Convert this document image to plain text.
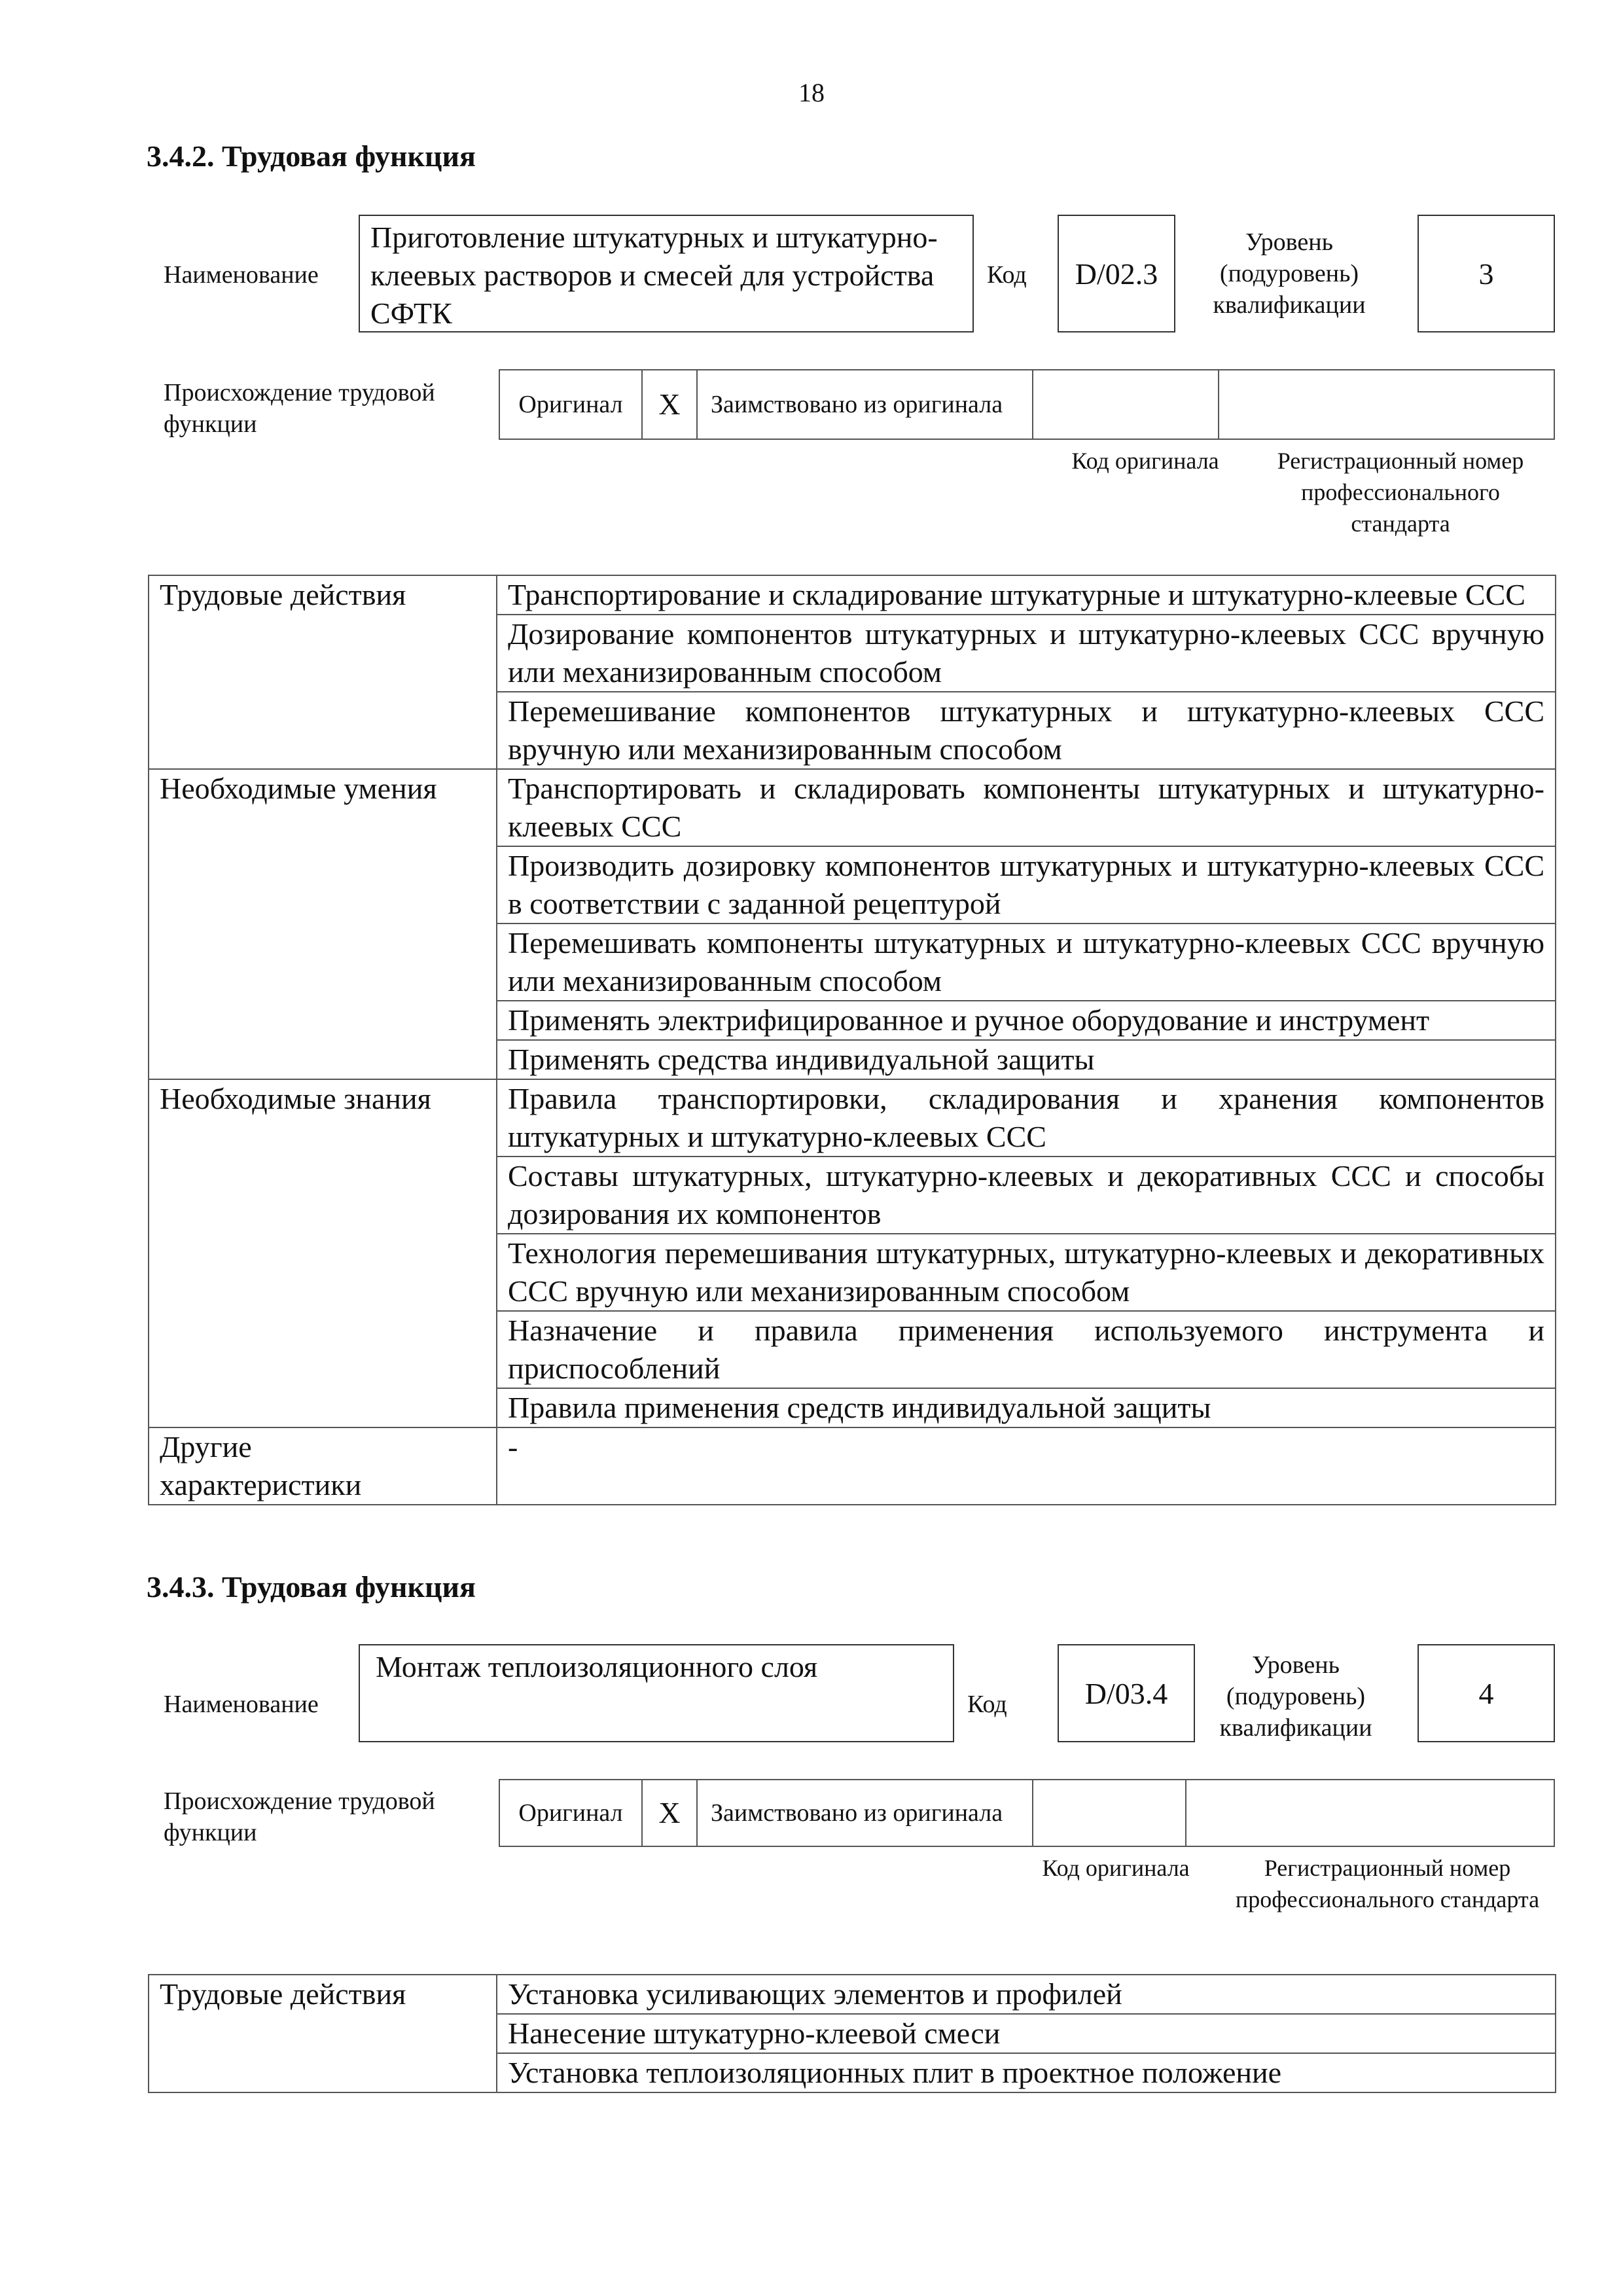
18
3.4.2. Трудовая функция
Наименование
Приготовление штукатурных и штукатурно-клеевых растворов и смесей для устройства СФТК
Код D/02.3
Уровень (подуровень) квалификации
3
Происхождение трудовой функции
Оригинал	X	Заимствовано из оригинала		
Код оригинала	Регистрационный номер профессионального стандарта
Трудовые действия	Транспортирование и складирование штукатурные и штукатурно-клеевые ССС
	Дозирование компонентов штукатурных и штукатурно-клеевых ССС вручную или механизированным способом
	Перемешивание компонентов штукатурных и штукатурно-клеевых ССС вручную или механизированным способом
Необходимые умения	Транспортировать и складировать компоненты штукатурных и штукатурно-клеевых ССС
	Производить дозировку компонентов штукатурных и штукатурно-клеевых ССС в соответствии с заданной рецептурой
	Перемешивать компоненты штукатурных и штукатурно-клеевых ССС вручную или механизированным способом
	Применять электрифицированное и ручное оборудование и инструмент
	Применять средства индивидуальной защиты
Необходимые знания	Правила транспортировки, складирования и хранения компонентов штукатурных и штукатурно-клеевых ССС
	Составы штукатурных, штукатурно-клеевых и декоративных ССС и способы дозирования их компонентов
	Технология перемешивания штукатурных, штукатурно-клеевых и декоративных ССС вручную или механизированным способом
	Назначение и правила применения используемого инструмента и приспособлений
	Правила применения средств индивидуальной защиты

Другие характеристики	-
3.4.3. Трудовая функция
Наименование
Монтаж теплоизоляционного слоя
Код	D/03.4
Уровень (подуровень) квалификации
4
Происхождение трудовой функции
Оригинал	X	Заимствовано из оригинала		
Код оригинала	Регистрационный номер профессионального стандарта
Трудовые действия	Установка усиливающих элементов и профилей
Нанесение штукатурно-клеевой смеси
Установка теплоизоляционных плит в проектное положение
